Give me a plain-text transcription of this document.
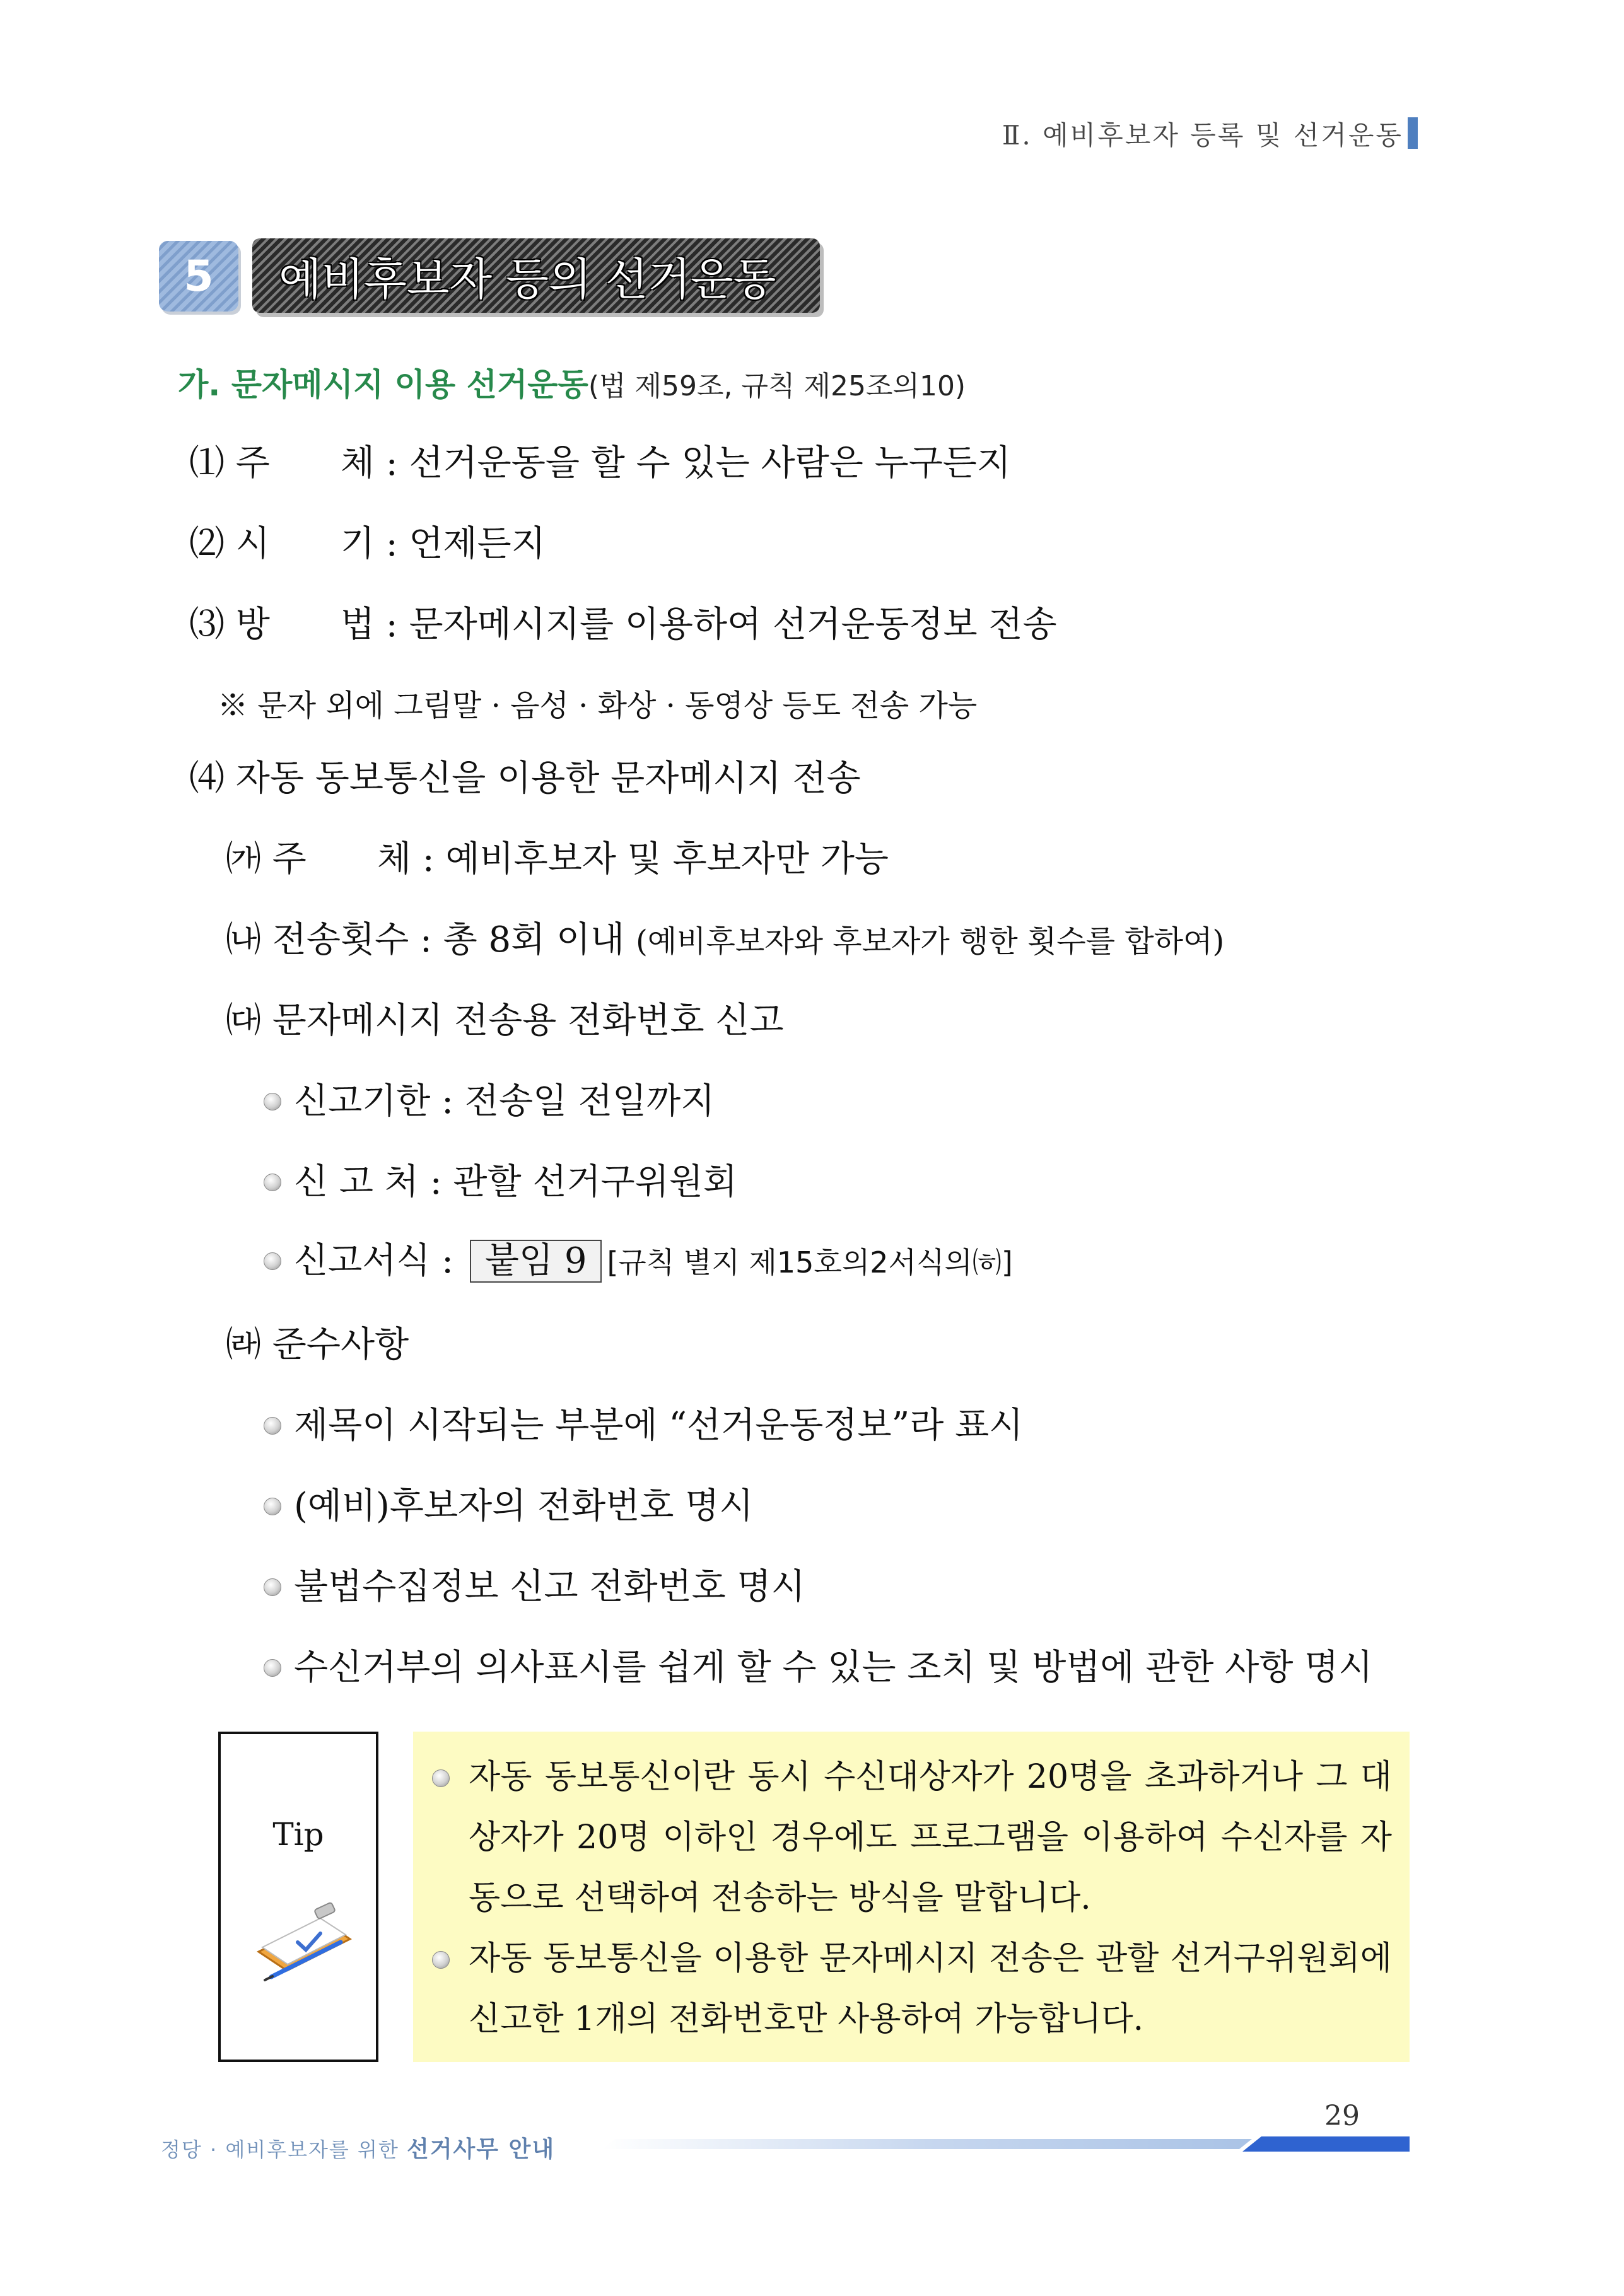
Ⅱ. 예비후보자 등록 및 선거운동
5 예비후보자 등의 선거운동
가. 문자메시지 이용 선거운동(법 제59조, 규칙 제25조의10)
⑴ 주　　체 : 선거운동을 할 수 있는 사람은 누구든지
⑵ 시　　기 : 언제든지
⑶ 방　　법 : 문자메시지를 이용하여 선거운동정보 전송
※ 문자 외에 그림말 · 음성 · 화상 · 동영상 등도 전송 가능
⑷ 자동 동보통신을 이용한 문자메시지 전송
㈎ 주　　체 : 예비후보자 및 후보자만 가능
㈏ 전송횟수 : 총 8회 이내 (예비후보자와 후보자가 행한 횟수를 합하여)
㈐ 문자메시지 전송용 전화번호 신고
신고기한 : 전송일 전일까지
신 고 처 : 관할 선거구위원회
신고서식 : 붙임 9 [규칙 별지 제15호의2서식의㈍]
㈑ 준수사항
제목이 시작되는 부분에 “선거운동정보”라 표시
(예비)후보자의 전화번호 명시
불법수집정보 신고 전화번호 명시
수신거부의 의사표시를 쉽게 할 수 있는 조치 및 방법에 관한 사항 명시
Tip
자동 동보통신이란 동시 수신대상자가 20명을 초과하거나 그 대상자가 20명 이하인 경우에도 프로그램을 이용하여 수신자를 자동으로 선택하여 전송하는 방식을 말합니다.
자동 동보통신을 이용한 문자메시지 전송은 관할 선거구위원회에 신고한 1개의 전화번호만 사용하여 가능합니다.
29
정당 · 예비후보자를 위한 선거사무 안내
